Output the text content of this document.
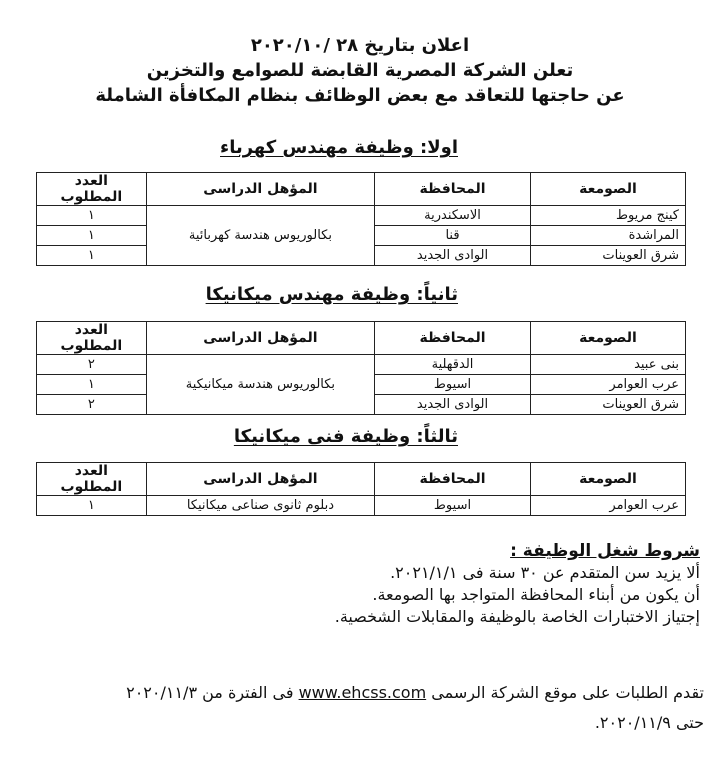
اعلان بتاريخ ٢٨ /٢٠٢٠/١٠
تعلن الشركة المصرية القابضة للصوامع والتخزين
عن حاجتها للتعاقد مع بعض الوظائف بنظام المكافأة الشاملة
اولا: وظيفة مهندس كهرباء
الصومعة	المحافظة	المؤهل الدراسى	العدد المطلوب
كينج مريوط	الاسكندرية	بكالوريوس هندسة كهربائية	١
المراشدة	قنا		١
شرق العوينات	الوادى الجديد		١
ثانياً: وظيفة مهندس ميكانيكا
الصومعة	المحافظة	المؤهل الدراسى	العدد المطلوب
بنى عبيد	الدقهلية	بكالوريوس هندسة ميكانيكية	٢
عرب العوامر	اسيوط		١
شرق العوينات	الوادى الجديد		٢
ثالثاً: وظيفة فنى ميكانيكا
الصومعة	المحافظة	المؤهل الدراسى	العدد المطلوب
عرب العوامر	اسيوط	دبلوم ثانوى صناعى ميكانيكا	١
شروط شغل الوظيفة :
ألا يزيد سن المتقدم عن ٣٠ سنة فى ٢٠٢١/١/١.
أن يكون من أبناء المحافظة المتواجد بها الصومعة.
إجتياز الاختبارات الخاصة بالوظيفة والمقابلات الشخصية.
تقدم الطلبات على موقع الشركة الرسمى www.ehcss.com فى الفترة من ٢٠٢٠/١١/٣
حتى ٢٠٢٠/١١/٩.
